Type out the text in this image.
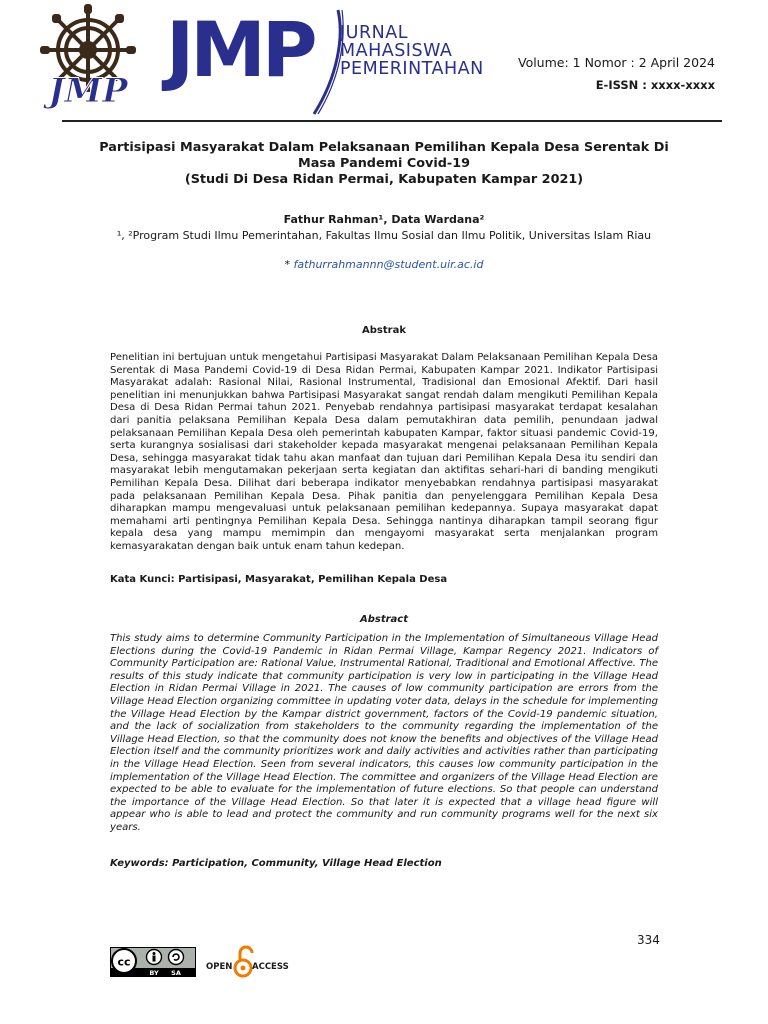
JMP JMP JURNAL
MAHASISWA
PEMERINTAHAN	Volume: 1 Nomor : 2 April 2024
E-ISSN : xxxx-xxxx
Partisipasi Masyarakat Dalam Pelaksanaan Pemilihan Kepala Desa Serentak Di
Masa Pandemi Covid-19
(Studi Di Desa Ridan Permai, Kabupaten Kampar 2021)
Fathur Rahman¹, Data Wardana²
¹, ²Program Studi Ilmu Pemerintahan, Fakultas Ilmu Sosial dan Ilmu Politik, Universitas Islam Riau
* fathurrahmannn@student.uir.ac.id
Abstrak
Penelitian ini bertujuan untuk mengetahui Partisipasi Masyarakat Dalam Pelaksanaan Pemilihan Kepala Desa Serentak di Masa Pandemi Covid-19 di Desa Ridan Permai, Kabupaten Kampar 2021. Indikator Partisipasi Masyarakat adalah: Rasional Nilai, Rasional Instrumental, Tradisional dan Emosional Afektif. Dari hasil penelitian ini menunjukkan bahwa Partisipasi Masyarakat sangat rendah dalam mengikuti Pemilihan Kepala Desa di Desa Ridan Permai tahun 2021. Penyebab rendahnya partisipasi masyarakat terdapat kesalahan dari panitia pelaksana Pemilihan Kepala Desa dalam pemutakhiran data pemilih, penundaan jadwal pelaksanaan Pemilihan Kepala Desa oleh pemerintah kabupaten Kampar, faktor situasi pandemic Covid-19, serta kurangnya sosialisasi dari stakeholder kepada masyarakat mengenai pelaksanaan Pemilihan Kepala Desa, sehingga masyarakat tidak tahu akan manfaat dan tujuan dari Pemilihan Kepala Desa itu sendiri dan masyarakat lebih mengutamakan pekerjaan serta kegiatan dan aktifitas sehari-hari di banding mengikuti Pemilihan Kepala Desa. Dilihat dari beberapa indikator menyebabkan rendahnya partisipasi masyarakat pada pelaksanaan Pemilihan Kepala Desa. Pihak panitia dan penyelenggara Pemilihan Kepala Desa diharapkan mampu mengevaluasi untuk pelaksanaan pemilihan kedepannya. Supaya masyarakat dapat memahami arti pentingnya Pemilihan Kepala Desa. Sehingga nantinya diharapkan tampil seorang figur kepala desa yang mampu memimpin dan mengayomi masyarakat serta menjalankan program kemasyarakatan dengan baik untuk enam tahun kedepan.
Kata Kunci: Partisipasi, Masyarakat, Pemilihan Kepala Desa
Abstract
This study aims to determine Community Participation in the Implementation of Simultaneous Village Head Elections during the Covid-19 Pandemic in Ridan Permai Village, Kampar Regency 2021. Indicators of Community Participation are: Rational Value, Instrumental Rational, Traditional and Emotional Affective. The results of this study indicate that community participation is very low in participating in the Village Head Election in Ridan Permai Village in 2021. The causes of low community participation are errors from the Village Head Election organizing committee in updating voter data, delays in the schedule for implementing the Village Head Election by the Kampar district government, factors of the Covid-19 pandemic situation, and the lack of socialization from stakeholders to the community regarding the implementation of the Village Head Election, so that the community does not know the benefits and objectives of the Village Head Election itself and the community prioritizes work and daily activities and activities rather than participating in the Village Head Election. Seen from several indicators, this causes low community participation in the implementation of the Village Head Election. The committee and organizers of the Village Head Election are expected to be able to evaluate for the implementation of future elections. So that people can understand the importance of the Village Head Election. So that later it is expected that a village head figure will appear who is able to lead and protect the community and run community programs well for the next six years.
Keywords: Participation, Community, Village Head Election
334
cc
BY SA
OPEN ACCESS
